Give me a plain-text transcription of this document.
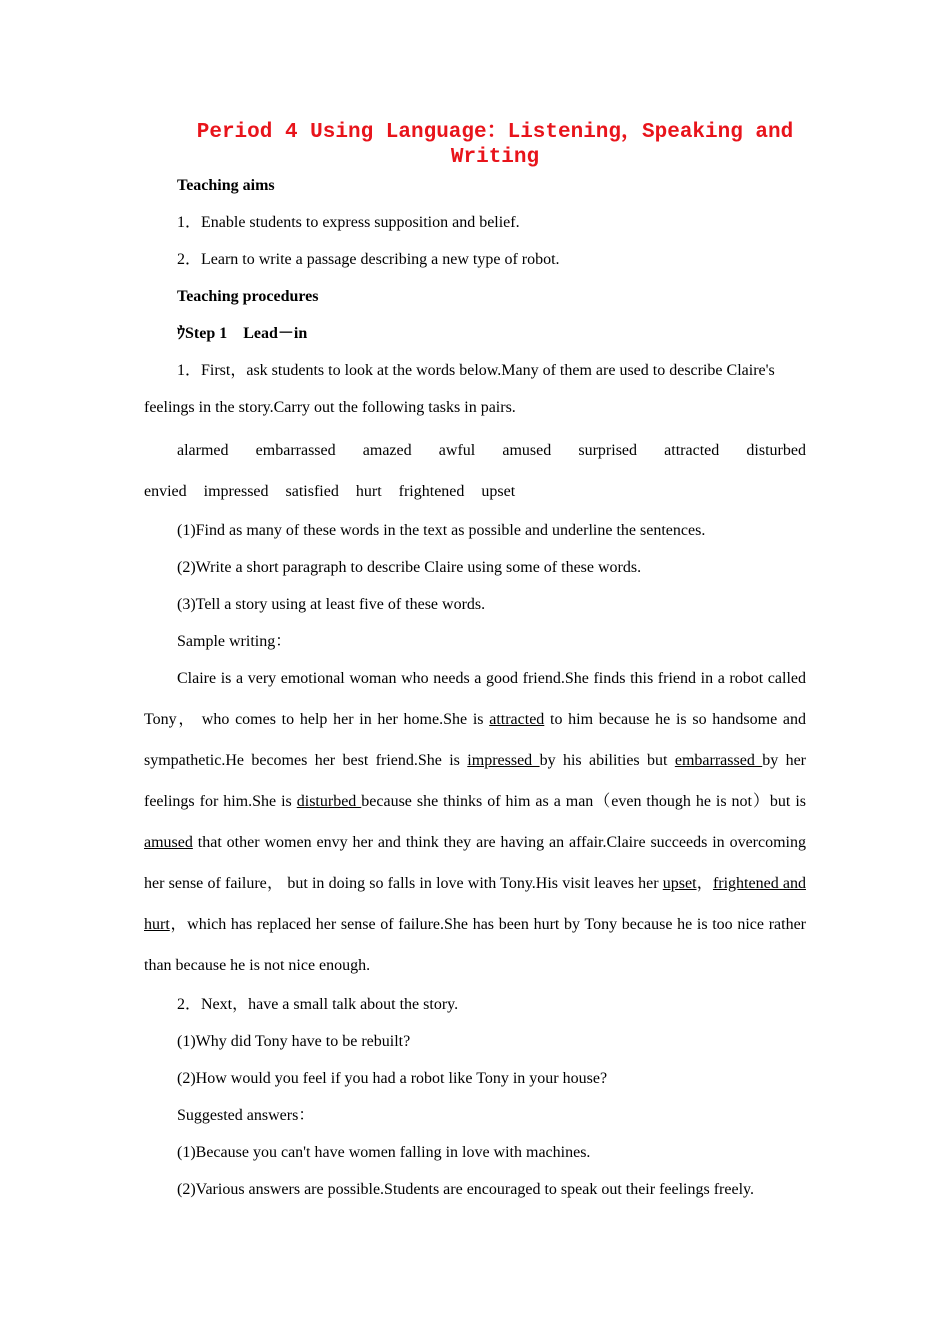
Period 4 Using Language：Listening，Speaking and Writing

Teaching aims

1．Enable students to express supposition and belief.

2．Learn to write a passage describing a new type of robot.

Teaching procedures

ｳStep 1　Lead－in

1．First，ask students to look at the words below.Many of them are used to describe Claire's

feelings in the story.Carry out the following tasks in pairs.

alarmed embarrassed amazed awful amused surprised attracted disturbed
envied impressed satisfied hurt frightened upset

(1)Find as many of these words in the text as possible and underline the sentences.

(2)Write a short paragraph to describe Claire using some of these words.

(3)Tell a story using at least five of these words.

Sample writing：

Claire is a very emotional woman who needs a good friend.She finds this friend in a robot called Tony， who comes to help her in her home.She is attracted to him because he is so handsome and sympathetic.He becomes her best friend.She is impressed by his abilities but embarrassed by her feelings for him.She is disturbed because she thinks of him as a man（even though he is not）but is amused that other women envy her and think they are having an affair.Claire succeeds in overcoming her sense of failure， but in doing so falls in love with Tony.His visit leaves her upset，frightened and hurt，which has replaced her sense of failure.She has been hurt by Tony because he is too nice rather than because he is not nice enough.

2．Next，have a small talk about the story.

(1)Why did Tony have to be rebuilt?

(2)How would you feel if you had a robot like Tony in your house?

Suggested answers：

(1)Because you can't have women falling in love with machines.

(2)Various answers are possible.Students are encouraged to speak out their feelings freely.
